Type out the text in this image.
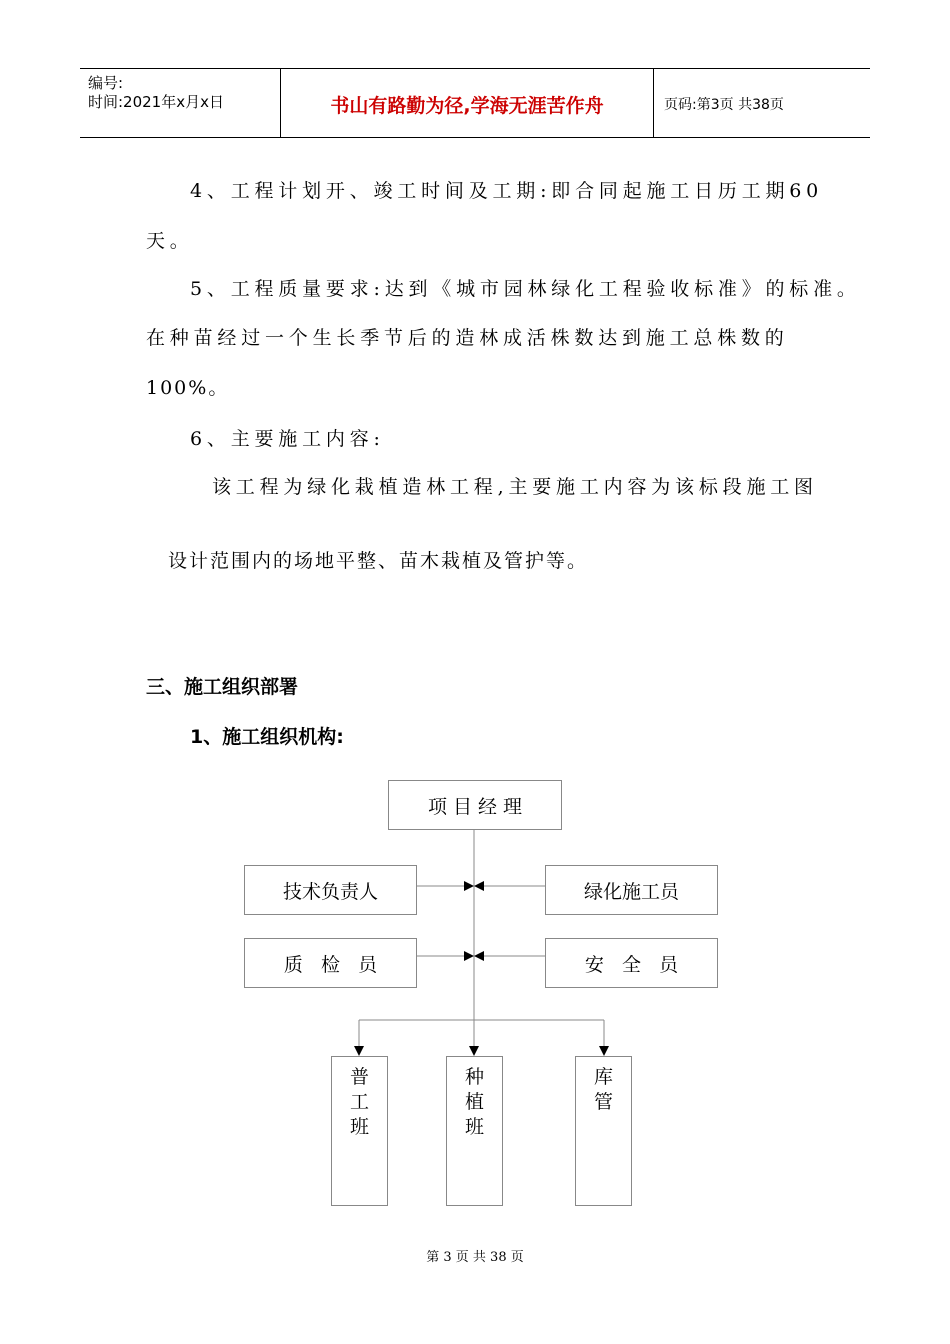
编号:
时间:2021年x月x日	书山有路勤为径,学海无涯苦作舟	页码:第3页 共38页
4、工程计划开、竣工时间及工期:即合同起施工日历工期60
天。
5、工程质量要求:达到《城市园林绿化工程验收标准》的标准。
在种苗经过一个生长季节后的造林成活株数达到施工总株数的
100%。
6、主要施工内容:
该工程为绿化栽植造林工程,主要施工内容为该标段施工图
设计范围内的场地平整、苗木栽植及管护等。
三、施工组织部署
1、施工组织机构:
项 目 经 理
技术负责人	绿化施工员
质   检   员	安   全   员
普
工
班
种
植
班
库
管
第 3 页 共 38 页
